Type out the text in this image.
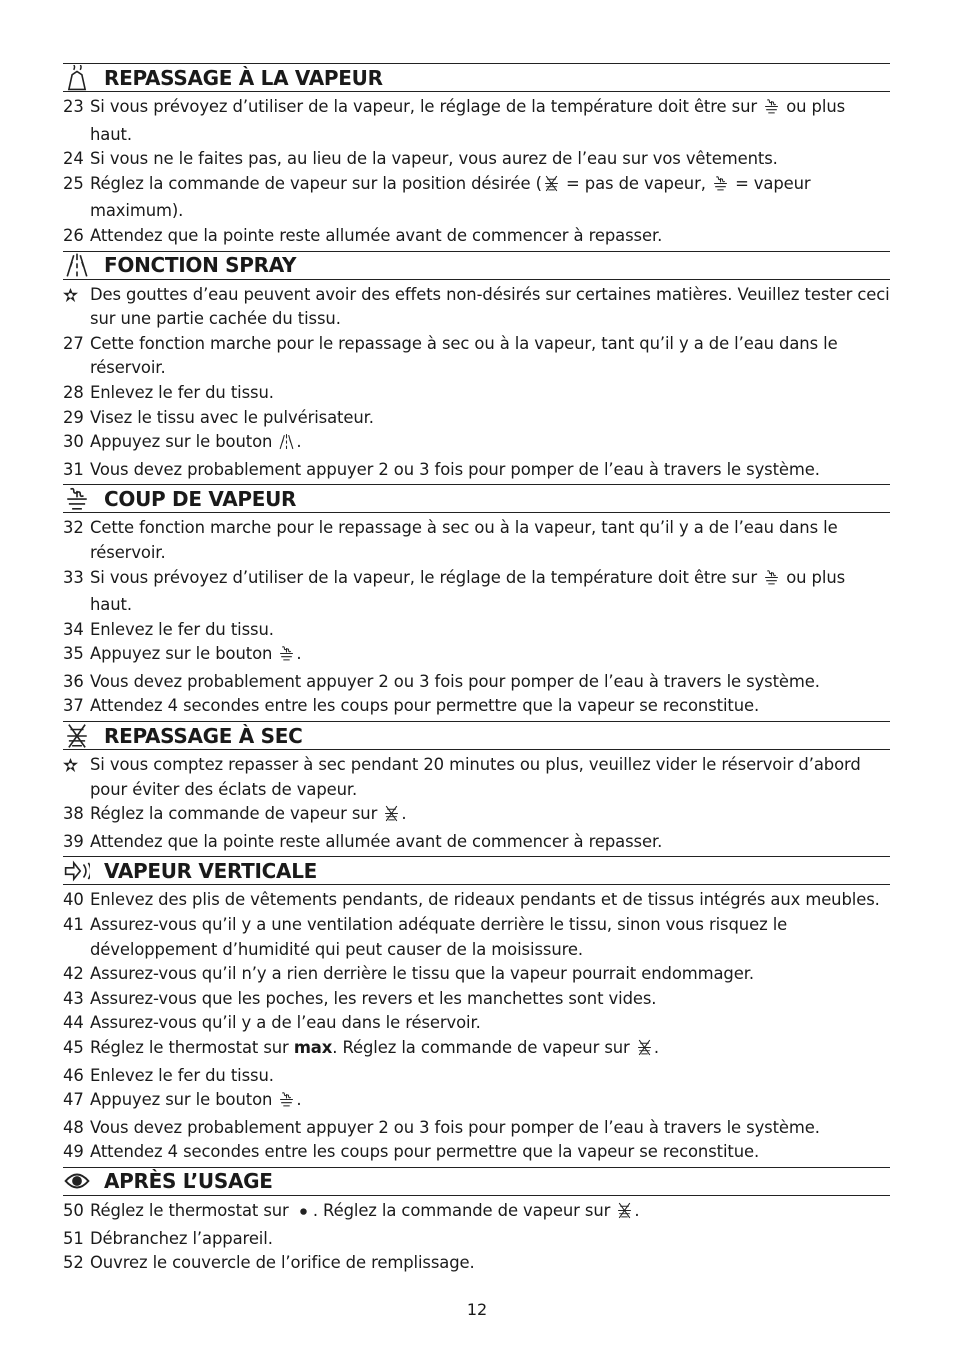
REPASSAGE À LA VAPEUR
23 Si vous prévoyez d’utiliser de la vapeur, le réglage de la température doit être sur  ou plus haut.
24 Si vous ne le faites pas, au lieu de la vapeur, vous aurez de l’eau sur vos vêtements.
25 Réglez la commande de vapeur sur la position désirée ( = pas de vapeur,  = vapeur maximum).
26 Attendez que la pointe reste allumée avant de commencer à repasser.
FONCTION SPRAY
Des gouttes d’eau peuvent avoir des effets non-désirés sur certaines matières. Veuillez tester ceci sur une partie cachée du tissu.
27 Cette fonction marche pour le repassage à sec ou à la vapeur, tant qu’il y a de l’eau dans le réservoir.
28 Enlevez le fer du tissu.
29 Visez le tissu avec le pulvérisateur.
30 Appuyez sur le bouton .
31 Vous devez probablement appuyer 2 ou 3 fois pour pomper de l’eau à travers le système.
COUP DE VAPEUR
32 Cette fonction marche pour le repassage à sec ou à la vapeur, tant qu’il y a de l’eau dans le réservoir.
33 Si vous prévoyez d’utiliser de la vapeur, le réglage de la température doit être sur  ou plus haut.
34 Enlevez le fer du tissu.
35 Appuyez sur le bouton .
36 Vous devez probablement appuyer 2 ou 3 fois pour pomper de l’eau à travers le système.
37 Attendez 4 secondes entre les coups pour permettre que la vapeur se reconstitue.
REPASSAGE À SEC
Si vous comptez repasser à sec pendant 20 minutes ou plus, veuillez vider le réservoir d’abord pour éviter des éclats de vapeur.
38 Réglez la commande de vapeur sur .
39 Attendez que la pointe reste allumée avant de commencer à repasser.
VAPEUR VERTICALE
40 Enlevez des plis de vêtements pendants, de rideaux pendants et de tissus intégrés aux meubles.
41 Assurez-vous qu’il y a une ventilation adéquate derrière le tissu, sinon vous risquez le développement d’humidité qui peut causer de la moisissure.
42 Assurez-vous qu’il n’y a rien derrière le tissu que la vapeur pourrait endommager.
43 Assurez-vous que les poches, les revers et les manchettes sont vides.
44 Assurez-vous qu’il y a de l’eau dans le réservoir.
45 Réglez le thermostat sur max. Réglez la commande de vapeur sur .
46 Enlevez le fer du tissu.
47 Appuyez sur le bouton .
48 Vous devez probablement appuyer 2 ou 3 fois pour pomper de l’eau à travers le système.
49 Attendez 4 secondes entre les coups pour permettre que la vapeur se reconstitue.
APRÈS L’USAGE
50 Réglez le thermostat sur . Réglez la commande de vapeur sur .
51 Débranchez l’appareil.
52 Ouvrez le couvercle de l’orifice de remplissage.
12
